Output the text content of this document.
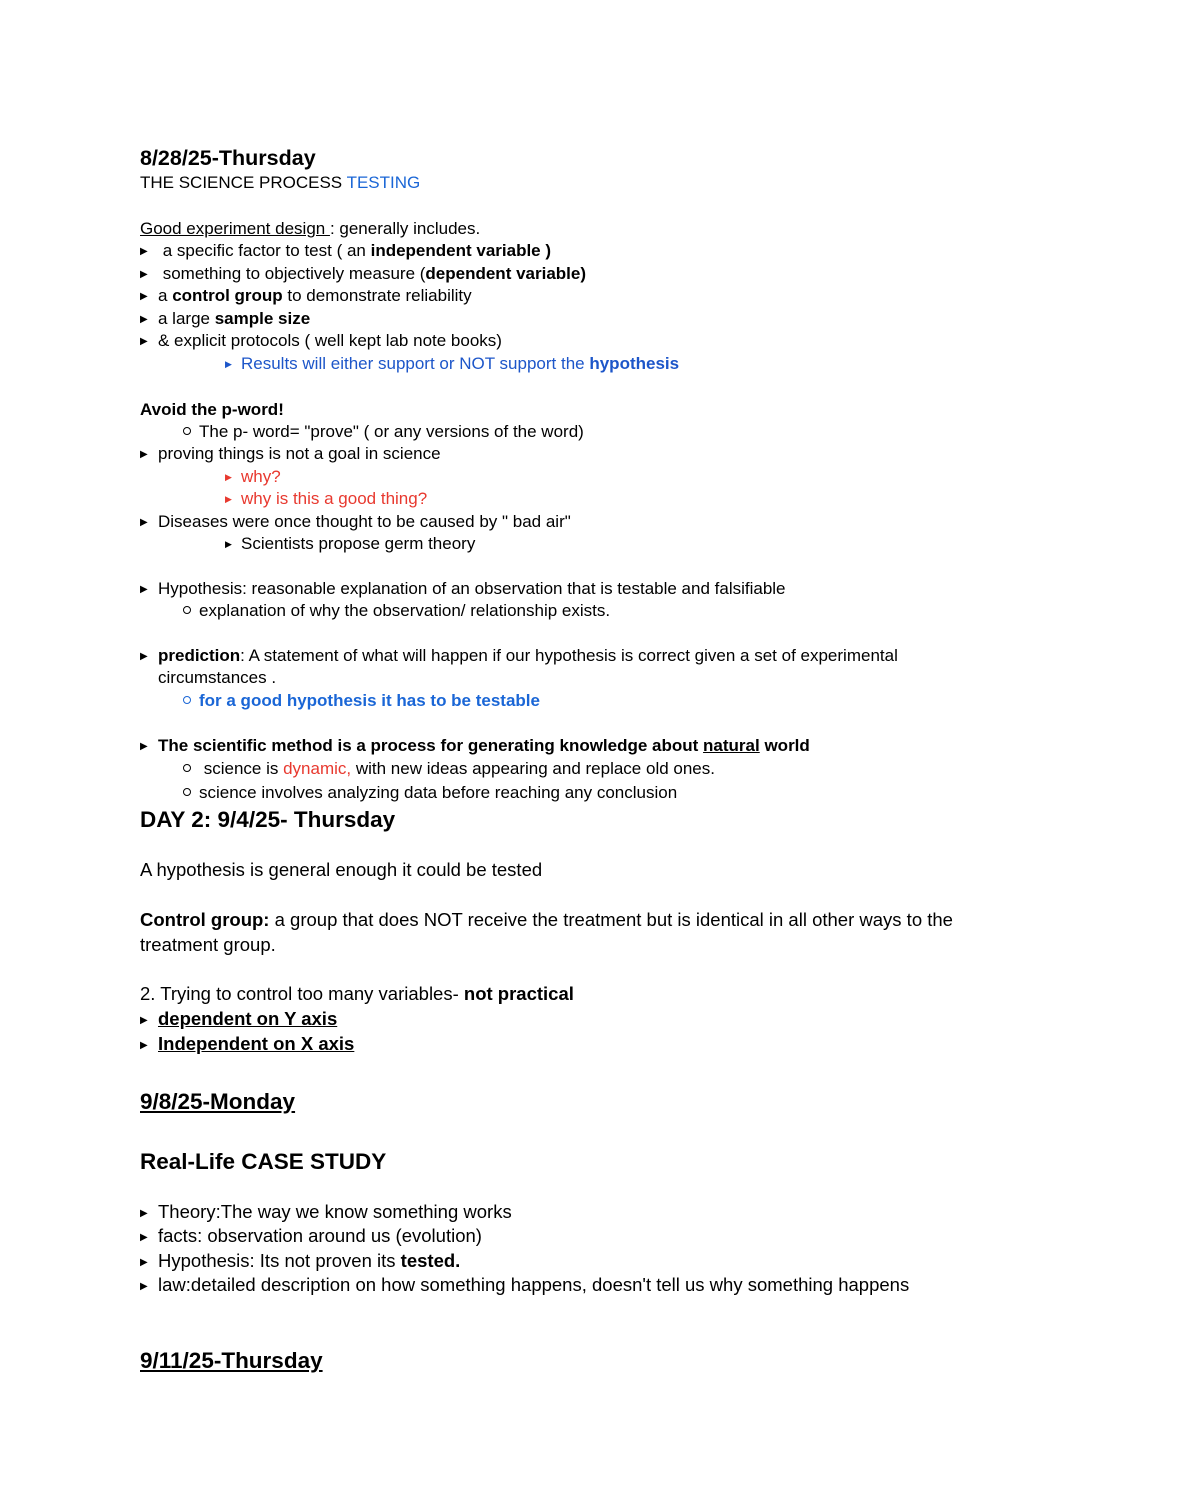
8/28/25-Thursday
THE SCIENCE PROCESS TESTING
Good experiment design : generally includes.
▶ a specific factor to test ( an independent variable )
▶ something to objectively measure (dependent variable)
▶ a control group to demonstrate reliability
▶ a large sample size
▶ & explicit protocols ( well kept lab note books)
▶ Results will either support or NOT support the hypothesis
Avoid the p-word!
The p- word= "prove" ( or any versions of the word)
▶ proving things is not a goal in science
▶ why?
▶ why is this a good thing?
▶ Diseases were once thought to be caused by " bad air"
▶ Scientists propose germ theory
▶ Hypothesis: reasonable explanation of an observation that is testable and falsifiable
explanation of why the observation/ relationship exists.
▶ prediction: A statement of what will happen if our hypothesis is correct given a set of experimental
circumstances .
for a good hypothesis it has to be testable
▶ The scientific method is a process for generating knowledge about natural world
science is dynamic, with new ideas appearing and replace old ones.
science involves analyzing data before reaching any conclusion
DAY 2: 9/4/25- Thursday
A hypothesis is general enough it could be tested
Control group: a group that does NOT receive the treatment but is identical in all other ways to the
treatment group.
2. Trying to control too many variables- not practical
▶ dependent on Y axis
▶ Independent on X axis
9/8/25-Monday
Real-Life CASE STUDY
▶ Theory:The way we know something works
▶ facts: observation around us (evolution)
▶ Hypothesis: Its not proven its tested.
▶ law:detailed description on how something happens, doesn't tell us why something happens
9/11/25-Thursday
